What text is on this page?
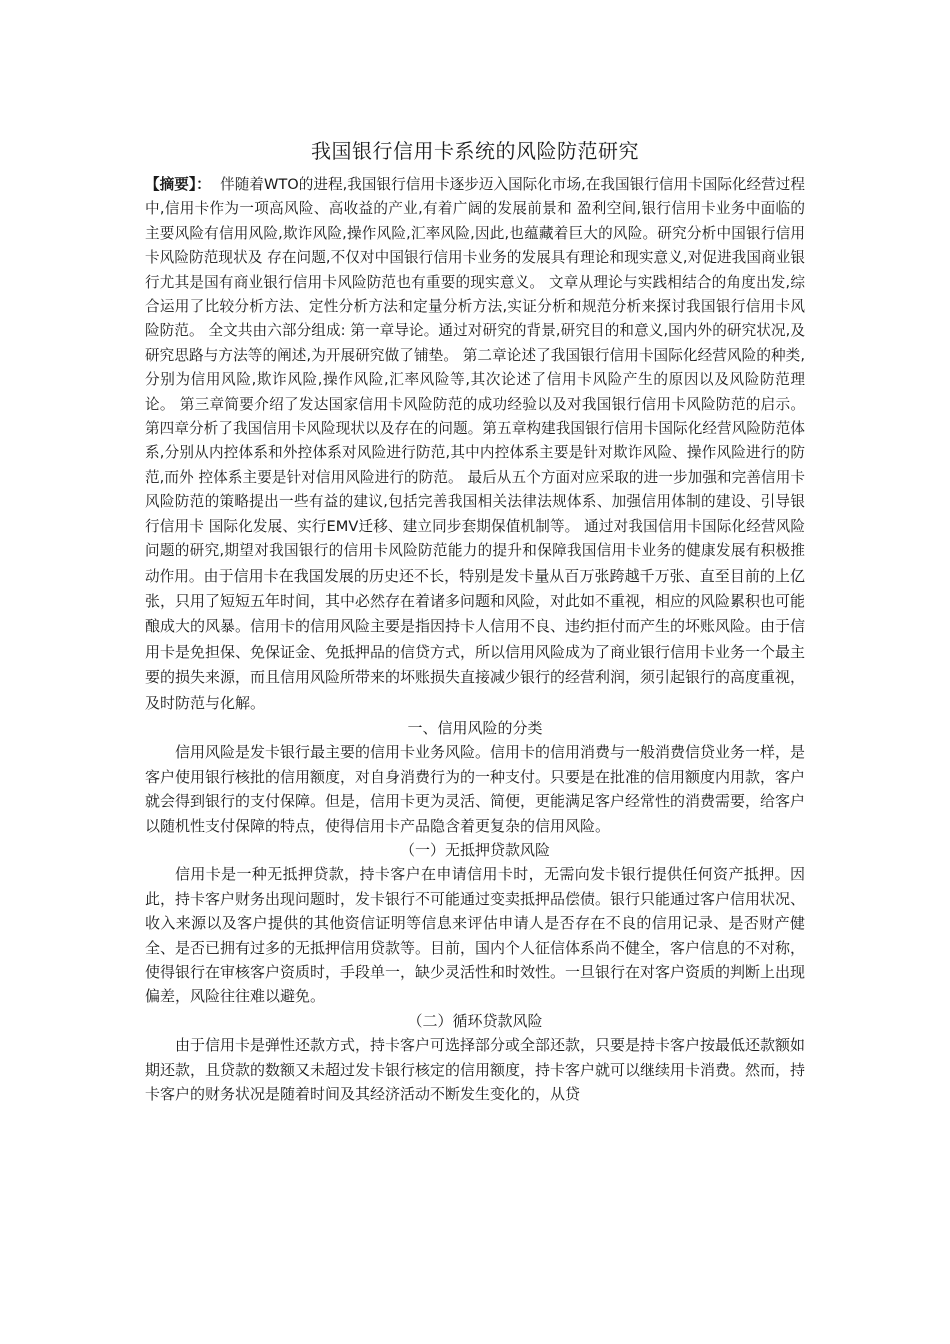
我国银行信用卡系统的风险防范研究

【摘要】： 伴随着WTO的进程,我国银行信用卡逐步迈入国际化市场,在我国银行信用卡国际化经营过程中,信用卡作为一项高风险、高收益的产业,有着广阔的发展前景和 盈利空间,银行信用卡业务中面临的主要风险有信用风险,欺诈风险,操作风险,汇率风险,因此,也蕴藏着巨大的风险。研究分析中国银行信用卡风险防范现状及 存在问题,不仅对中国银行信用卡业务的发展具有理论和现实意义,对促进我国商业银行尤其是国有商业银行信用卡风险防范也有重要的现实意义。 文章从理论与实践相结合的角度出发,综合运用了比较分析方法、定性分析方法和定量分析方法,实证分析和规范分析来探讨我国银行信用卡风险防范。 全文共由六部分组成: 第一章导论。通过对研究的背景,研究目的和意义,国内外的研究状况,及研究思路与方法等的阐述,为开展研究做了铺垫。 第二章论述了我国银行信用卡国际化经营风险的种类,分别为信用风险,欺诈风险,操作风险,汇率风险等,其次论述了信用卡风险产生的原因以及风险防范理论。 第三章简要介绍了发达国家信用卡风险防范的成功经验以及对我国银行信用卡风险防范的启示。 第四章分析了我国信用卡风险现状以及存在的问题。第五章构建我国银行信用卡国际化经营风险防范体系,分别从内控体系和外控体系对风险进行防范,其中内控体系主要是针对欺诈风险、操作风险进行的防范,而外 控体系主要是针对信用风险进行的防范。 最后从五个方面对应采取的进一步加强和完善信用卡风险防范的策略提出一些有益的建议,包括完善我国相关法律法规体系、加强信用体制的建设、引导银行信用卡 国际化发展、实行EMV迁移、建立同步套期保值机制等。 通过对我国信用卡国际化经营风险问题的研究,期望对我国银行的信用卡风险防范能力的提升和保障我国信用卡业务的健康发展有积极推动作用。由于信用卡在我国发展的历史还不长，特别是发卡量从百万张跨越千万张、直至目前的上亿张，只用了短短五年时间，其中必然存在着诸多问题和风险，对此如不重视，相应的风险累积也可能酿成大的风暴。信用卡的信用风险主要是指因持卡人信用不良、违约拒付而产生的坏账风险。由于信用卡是免担保、免保证金、免抵押品的信贷方式，所以信用风险成为了商业银行信用卡业务一个最主要的损失来源，而且信用风险所带来的坏账损失直接减少银行的经营利润，须引起银行的高度重视，及时防范与化解。

一、信用风险的分类

信用风险是发卡银行最主要的信用卡业务风险。信用卡的信用消费与一般消费信贷业务一样，是客户使用银行核批的信用额度，对自身消费行为的一种支付。只要是在批准的信用额度内用款，客户就会得到银行的支付保障。但是，信用卡更为灵活、简便，更能满足客户经常性的消费需要，给客户以随机性支付保障的特点，使得信用卡产品隐含着更复杂的信用风险。

（一）无抵押贷款风险

信用卡是一种无抵押贷款，持卡客户在申请信用卡时，无需向发卡银行提供任何资产抵押。因此，持卡客户财务出现问题时，发卡银行不可能通过变卖抵押品偿债。银行只能通过客户信用状况、收入来源以及客户提供的其他资信证明等信息来评估申请人是否存在不良的信用记录、是否财产健全、是否已拥有过多的无抵押信用贷款等。目前，国内个人征信体系尚不健全，客户信息的不对称，使得银行在审核客户资质时，手段单一，缺少灵活性和时效性。一旦银行在对客户资质的判断上出现偏差，风险往往难以避免。

（二）循环贷款风险

由于信用卡是弹性还款方式，持卡客户可选择部分或全部还款，只要是持卡客户按最低还款额如期还款，且贷款的数额又未超过发卡银行核定的信用额度，持卡客户就可以继续用卡消费。然而，持卡客户的财务状况是随着时间及其经济活动不断发生变化的，从贷
